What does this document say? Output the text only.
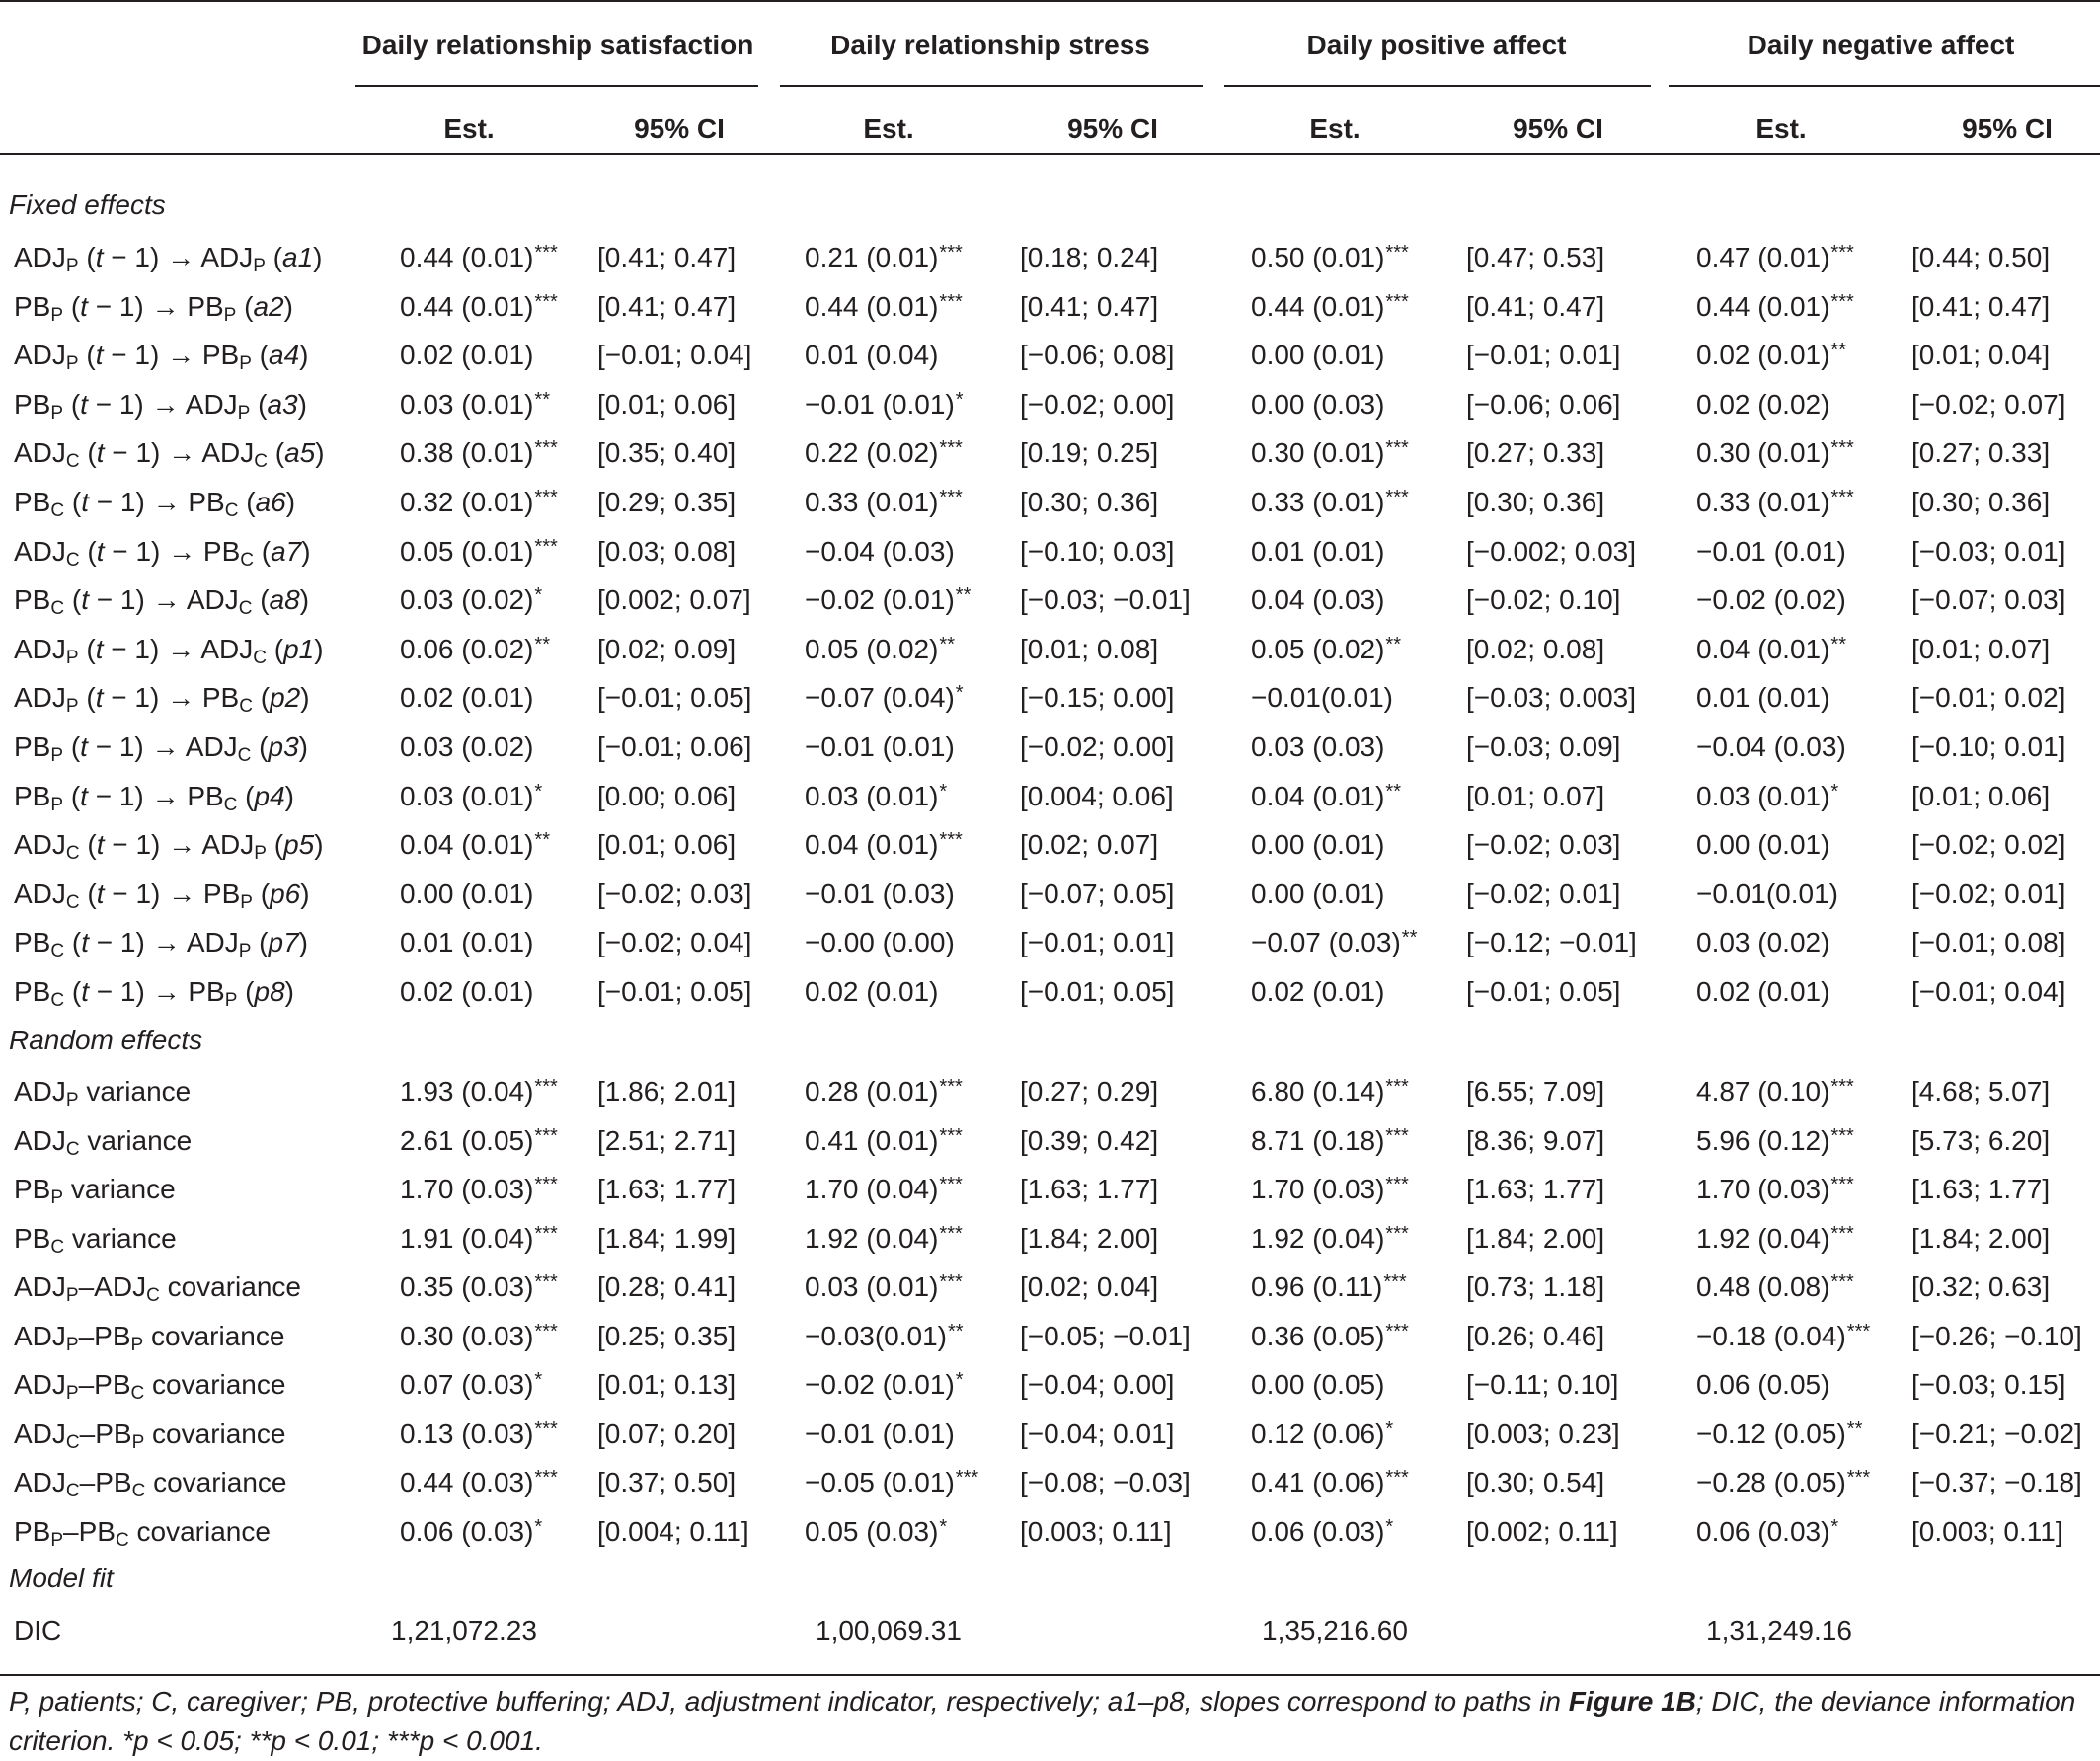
Daily relationship satisfaction	Daily relationship stress	Daily positive affect	Daily negative affect
Est.	95% CI	Est.	95% CI	Est.	95% CI	Est.	95% CI
Fixed effects
Random effects
Model fit
$ADJ_P$ $(t - 1) \to ADJ_P$ (a1)	0.44 (0.01)*** [0.41; 0.47] 0.21 (0.01)*** [0.18; 0.24]	0.50 (0.01)*** [0.47; 0.53]	0.47 (0.01)*** [0.44; 0.50]
$PB_P$ $(t - 1) \to PB_P$ (a2)	0.44 (0.01)*** [0.41; 0.47] 0.44 (0.01)*** [0.41; 0.47]	0.44 (0.01)*** [0.41; 0.47]	0.44 (0.01)*** [0.41; 0.47]
$ADJ_P$ $(t - 1) \to PB_P$ (a4)	0.02 (0.01) [−0.01; 0.04] 0.01 (0.04)	[−0.06; 0.08]	0.00 (0.01)	[−0.01; 0.01]	0.02 (0.01)** [0.01; 0.04]
$PB_P$ $(t - 1) \to ADJ_P$ (a3)	0.03 (0.01)** [0.01; 0.06] −0.01 (0.01)* [−0.02; 0.00]	0.00 (0.03)	[−0.06; 0.06]	0.02 (0.02)	[−0.02; 0.07]
$ADJ_C$ $(t - 1) \to ADJ_C$ (a5)	0.38 (0.01)*** [0.35; 0.40] 0.22 (0.02)*** [0.19; 0.25]	0.30 (0.01)*** [0.27; 0.33]	0.30 (0.01)*** [0.27; 0.33]
$PB_C$ $(t - 1) \to PB_C$ (a6)	0.32 (0.01)*** [0.29; 0.35] 0.33 (0.01)*** [0.30; 0.36]	0.33 (0.01)*** [0.30; 0.36]	0.33 (0.01)*** [0.30; 0.36]
$ADJ_C$ $(t - 1) \to PB_C$ (a7)	0.05 (0.01)*** [0.03; 0.08] −0.04 (0.03) [−0.10; 0.03]	0.01 (0.01)	[−0.002; 0.03] −0.01 (0.01) [−0.03; 0.01]
$PB_C$ $(t - 1) \to ADJ_C$ (a8)	0.03 (0.02)* [0.002; 0.07] −0.02 (0.01)** [−0.03; −0.01] 0.04 (0.03)	[−0.02; 0.10]	−0.02 (0.02) [−0.07; 0.03]
$ADJ_P$ $(t - 1) \to ADJ_C$ (p1)	0.06 (0.02)** [0.02; 0.09] 0.05 (0.02)** [0.01; 0.08]	0.05 (0.02)** [0.02; 0.08]	0.04 (0.01)** [0.01; 0.07]
$ADJ_P$ $(t - 1) \to PB_C$ (p2)	0.02 (0.01) [−0.01; 0.05] −0.07 (0.04)* [−0.15; 0.00]	−0.01(0.01)	[−0.03; 0.003] 0.01 (0.01)	[−0.01; 0.02]
$PB_P$ $(t - 1) \to ADJ_C$ (p3)	0.03 (0.02) [−0.01; 0.06] −0.01 (0.01) [−0.02; 0.00]	0.03 (0.03)	[−0.03; 0.09]	−0.04 (0.03) [−0.10; 0.01]
$PB_P$ $(t - 1) \to PB_C$ (p4)	0.03 (0.01)* [0.00; 0.06] 0.03 (0.01)*	[0.004; 0.06]	0.04 (0.01)** [0.01; 0.07]	0.03 (0.01)*	[0.01; 0.06]
$ADJ_C$ $(t - 1) \to ADJ_P$ (p5)	0.04 (0.01)** [0.01; 0.06] 0.04 (0.01)*** [0.02; 0.07]	0.00 (0.01)	[−0.02; 0.03]	0.00 (0.01)	[−0.02; 0.02]
$ADJ_C$ $(t - 1) \to PB_P$ (p6)	0.00 (0.01) [−0.02; 0.03] −0.01 (0.03) [−0.07; 0.05]	0.00 (0.01)	[−0.02; 0.01]	−0.01(0.01)	[−0.02; 0.01]
$PB_C$ $(t - 1) \to ADJ_P$ (p7)	0.01 (0.01) [−0.02; 0.04] −0.00 (0.00) [−0.01; 0.01]	−0.07 (0.03)** [−0.12; −0.01] 0.03 (0.02)	[−0.01; 0.08]
$PB_C$ $(t - 1) \to PB_P$ (p8)	0.02 (0.01) [−0.01; 0.05] 0.02 (0.01)	[−0.01; 0.05]	0.02 (0.01)	[−0.01; 0.05]	0.02 (0.01)	[−0.01; 0.04]
$ADJ_P$ variance	1.93 (0.04)*** [1.86; 2.01] 0.28 (0.01)*** [0.27; 0.29]	6.80 (0.14)*** [6.55; 7.09]	4.87 (0.10)*** [4.68; 5.07]
$ADJ_C$ variance	2.61 (0.05)*** [2.51; 2.71] 0.41 (0.01)*** [0.39; 0.42]	8.71 (0.18)*** [8.36; 9.07]	5.96 (0.12)*** [5.73; 6.20]
$PB_P$ variance	1.70 (0.03)*** [1.63; 1.77] 1.70 (0.04)*** [1.63; 1.77]	1.70 (0.03)*** [1.63; 1.77]	1.70 (0.03)*** [1.63; 1.77]
$PB_C$ variance	1.91 (0.04)*** [1.84; 1.99] 1.92 (0.04)*** [1.84; 2.00]	1.92 (0.04)*** [1.84; 2.00]	1.92 (0.04)*** [1.84; 2.00]
$ADJ_P-ADJ_C$ covariance	0.35 (0.03)*** [0.28; 0.41] 0.03 (0.01)*** [0.02; 0.04]	0.96 (0.11)*** [0.73; 1.18]	0.48 (0.08)*** [0.32; 0.63]
$ADJ_P-PB_P$ covariance	0.30 (0.03)*** [0.25; 0.35] −0.03(0.01)** [−0.05; −0.01] 0.36 (0.05)*** [0.26; 0.46]	−0.18 (0.04)*** [−0.26; −0.10]
$ADJ_P-PB_C$ covariance	0.07 (0.03)* [0.01; 0.13] −0.02 (0.01)* [−0.04; 0.00]	0.00 (0.05)	[−0.11; 0.10]	0.06 (0.05)	[−0.03; 0.15]
$ADJ_C-PB_P$ covariance	0.13 (0.03)*** [0.07; 0.20] −0.01 (0.01) [−0.04; 0.01]	0.12 (0.06)*	[0.003; 0.23]	−0.12 (0.05)** [−0.21; −0.02]
$ADJ_C-PB_C$ covariance	0.44 (0.03)*** [0.37; 0.50] −0.05 (0.01)*** [−0.08; −0.03] 0.41 (0.06)*** [0.30; 0.54]	−0.28 (0.05)*** [−0.37; −0.18]
$PB_P-PB_C$ covariance	0.06 (0.03)* [0.004; 0.11] 0.05 (0.03)*	[0.003; 0.11]	0.06 (0.03)*	[0.002; 0.11]	0.06 (0.03)*	[0.003; 0.11]
DIC	1,21,072.23	1,00,069.31	1,35,216.60	1,31,249.16
P, patients; C, caregiver; PB, protective buffering; ADJ, adjustment indicator, respectively; a1–p8, slopes correspond to paths in Figure 1B; DIC, the deviance information criterion. *p < 0.05; **p < 0.01; ***p < 0.001.
